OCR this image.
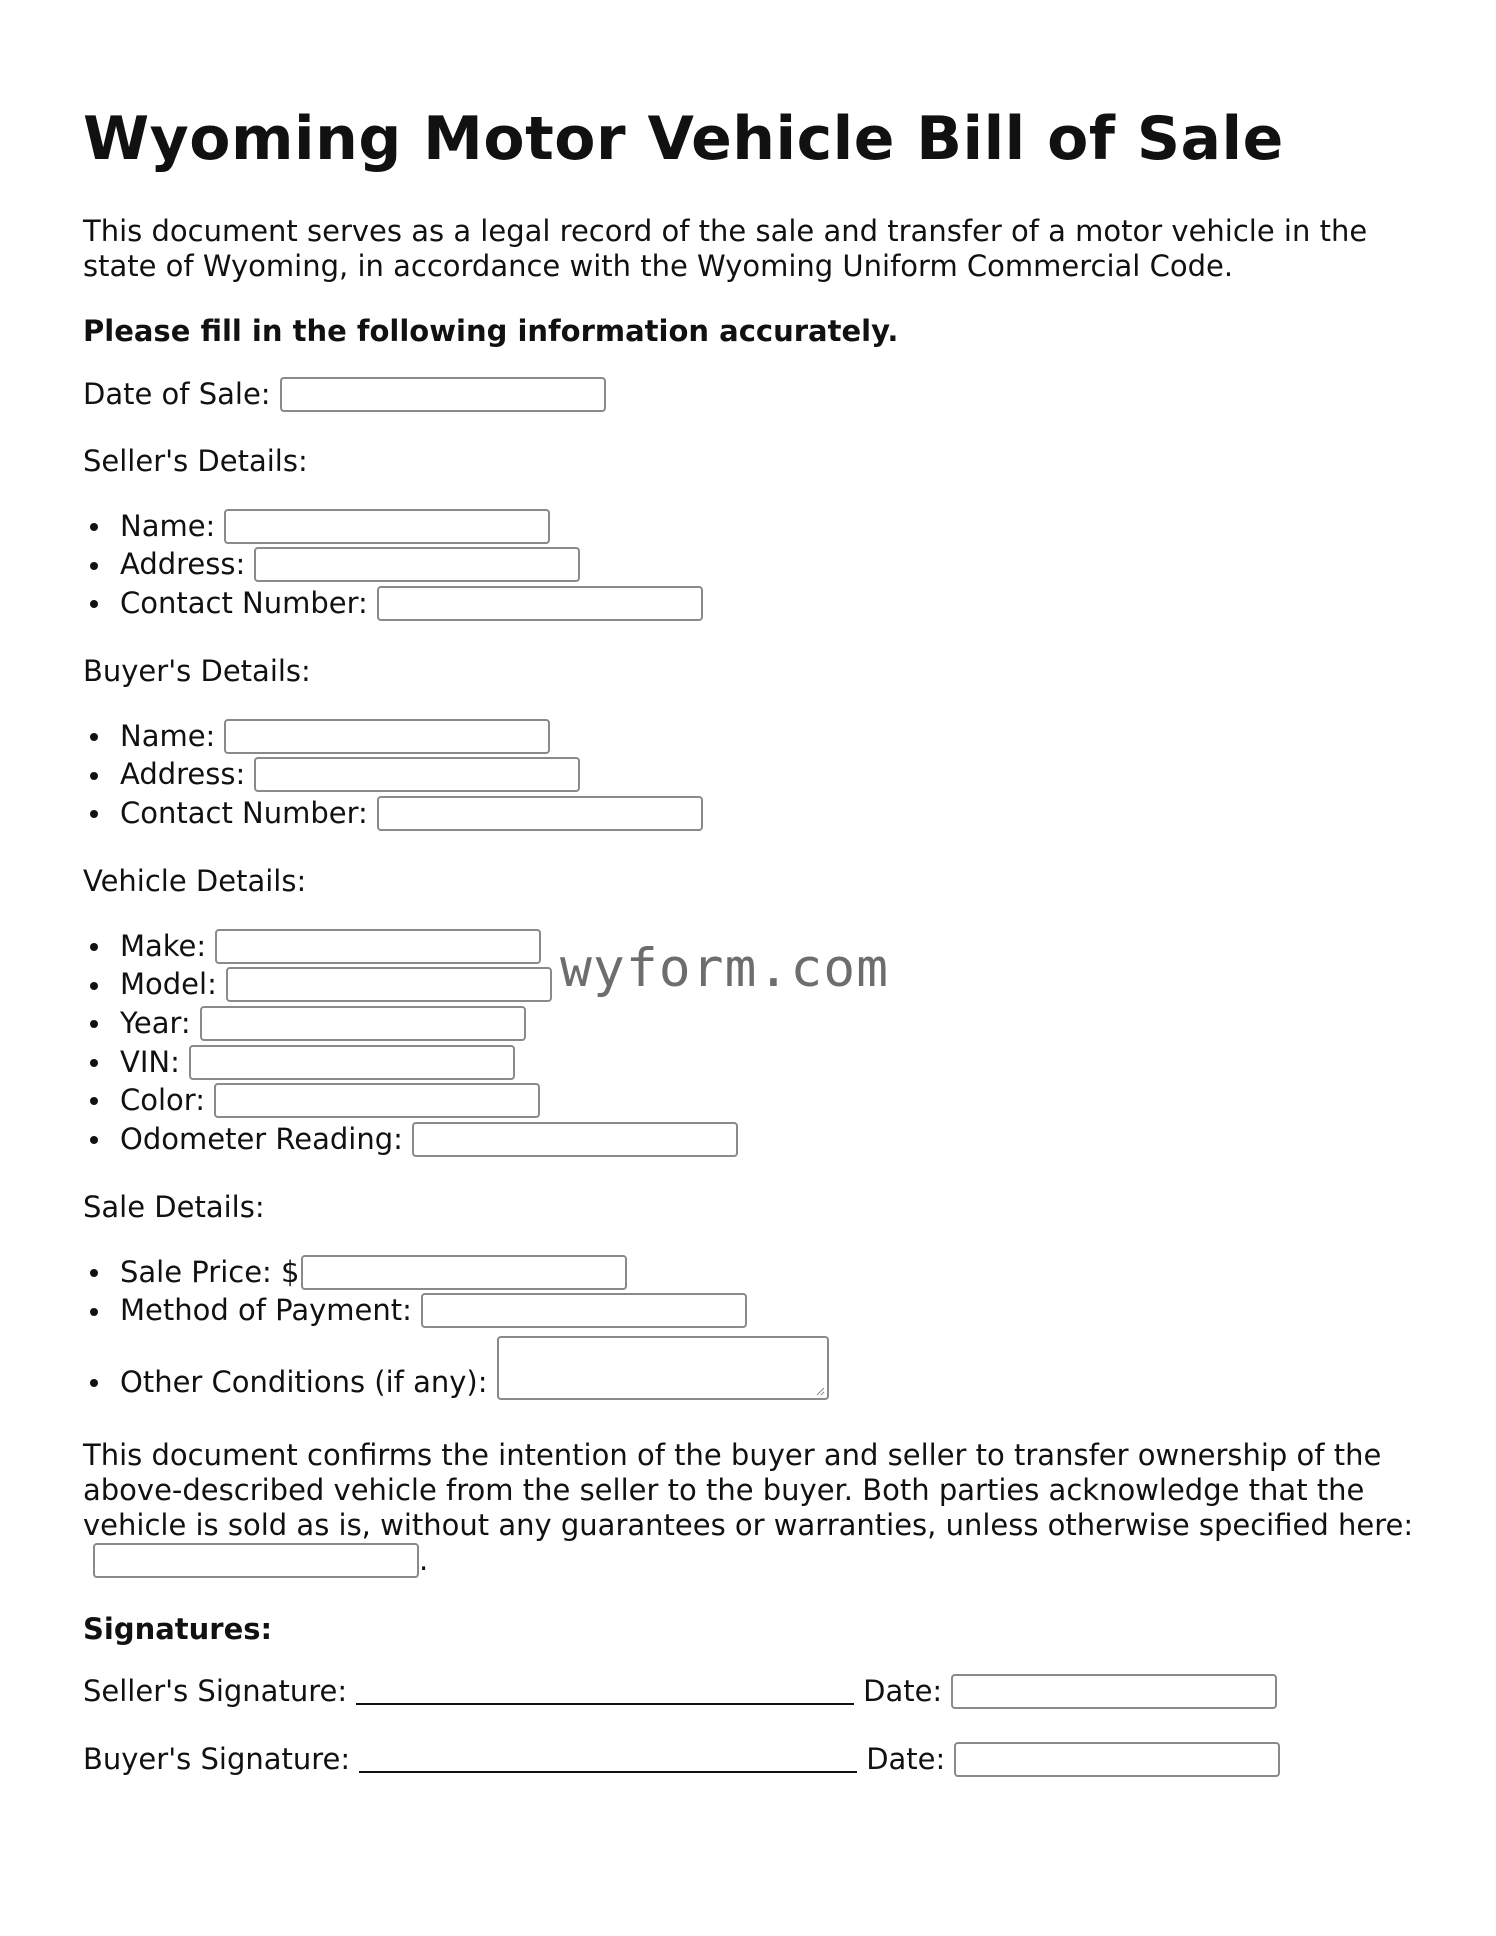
Wyoming Motor Vehicle Bill of Sale

This document serves as a legal record of the sale and transfer of a motor vehicle in the state of Wyoming, in accordance with the Wyoming Uniform Commercial Code.

Please fill in the following information accurately.

Date of Sale:

Seller's Details:

Name:
Address:
Contact Number:

Buyer's Details:

Name:
Address:
Contact Number:

Vehicle Details:

Make:
Model:
Year:
VIN:
Color:
Odometer Reading:

Sale Details:

Sale Price: $
Method of Payment:
Other Conditions (if any):

This document confirms the intention of the buyer and seller to transfer ownership of the above-described vehicle from the seller to the buyer. Both parties acknowledge that the vehicle is sold as is, without any guarantees or warranties, unless otherwise specified here:.

Signatures:

Seller's Signature:	Date:
Buyer's Signature:	Date:
wyform.com
